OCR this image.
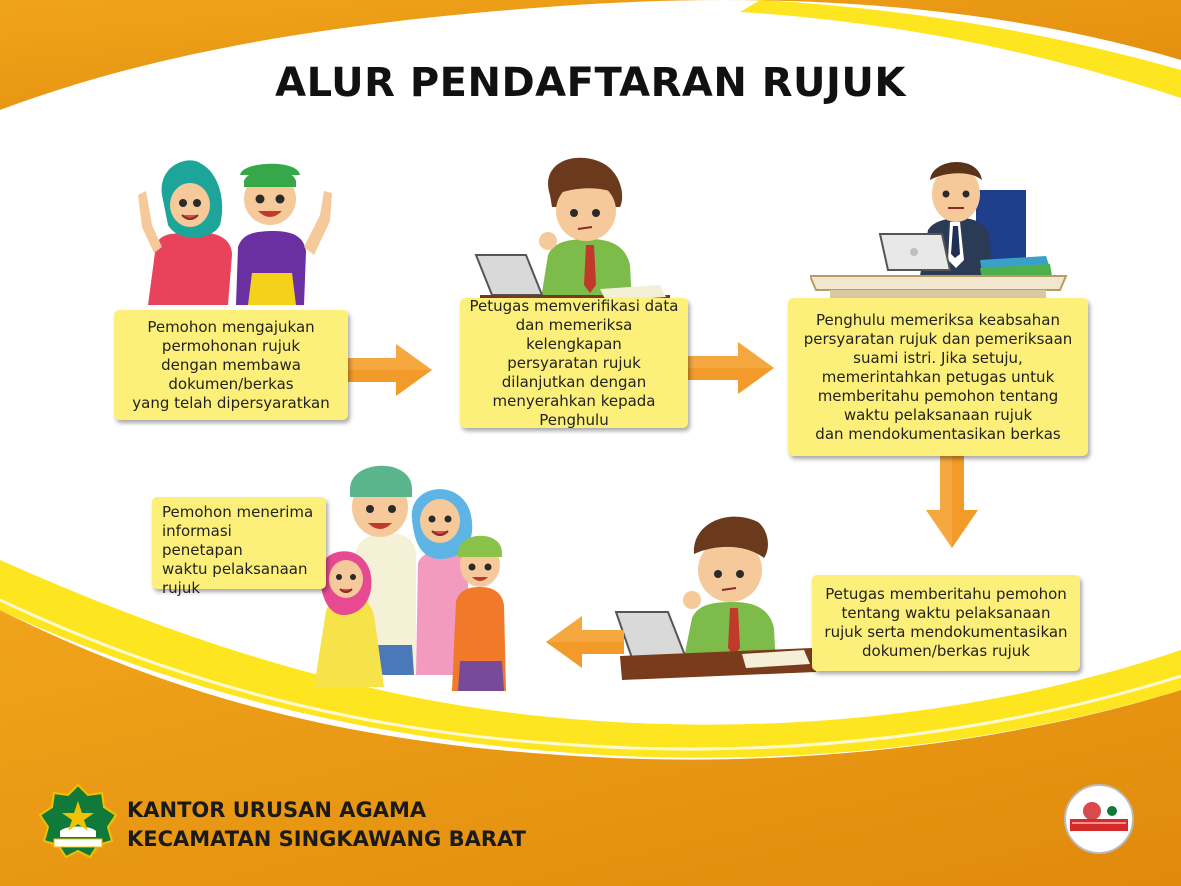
ALUR PENDAFTARAN RUJUK
Pemohon mengajukan
permohonan rujuk
dengan membawa
dokumen/berkas
yang telah dipersyaratkan
Petugas memverifikasi data
dan memeriksa kelengkapan
persyaratan rujuk
dilanjutkan dengan
menyerahkan kepada
Penghulu
Penghulu memeriksa keabsahan
persyaratan rujuk dan pemeriksaan
suami istri. Jika setuju,
memerintahkan petugas untuk
memberitahu pemohon tentang
waktu pelaksanaan rujuk
dan mendokumentasikan berkas
Petugas memberitahu pemohon
tentang waktu pelaksanaan
rujuk serta mendokumentasikan
dokumen/berkas rujuk
Pemohon menerima
informasi penetapan
waktu pelaksanaan
rujuk
KANTOR URUSAN AGAMA
KECAMATAN SINGKAWANG BARAT
